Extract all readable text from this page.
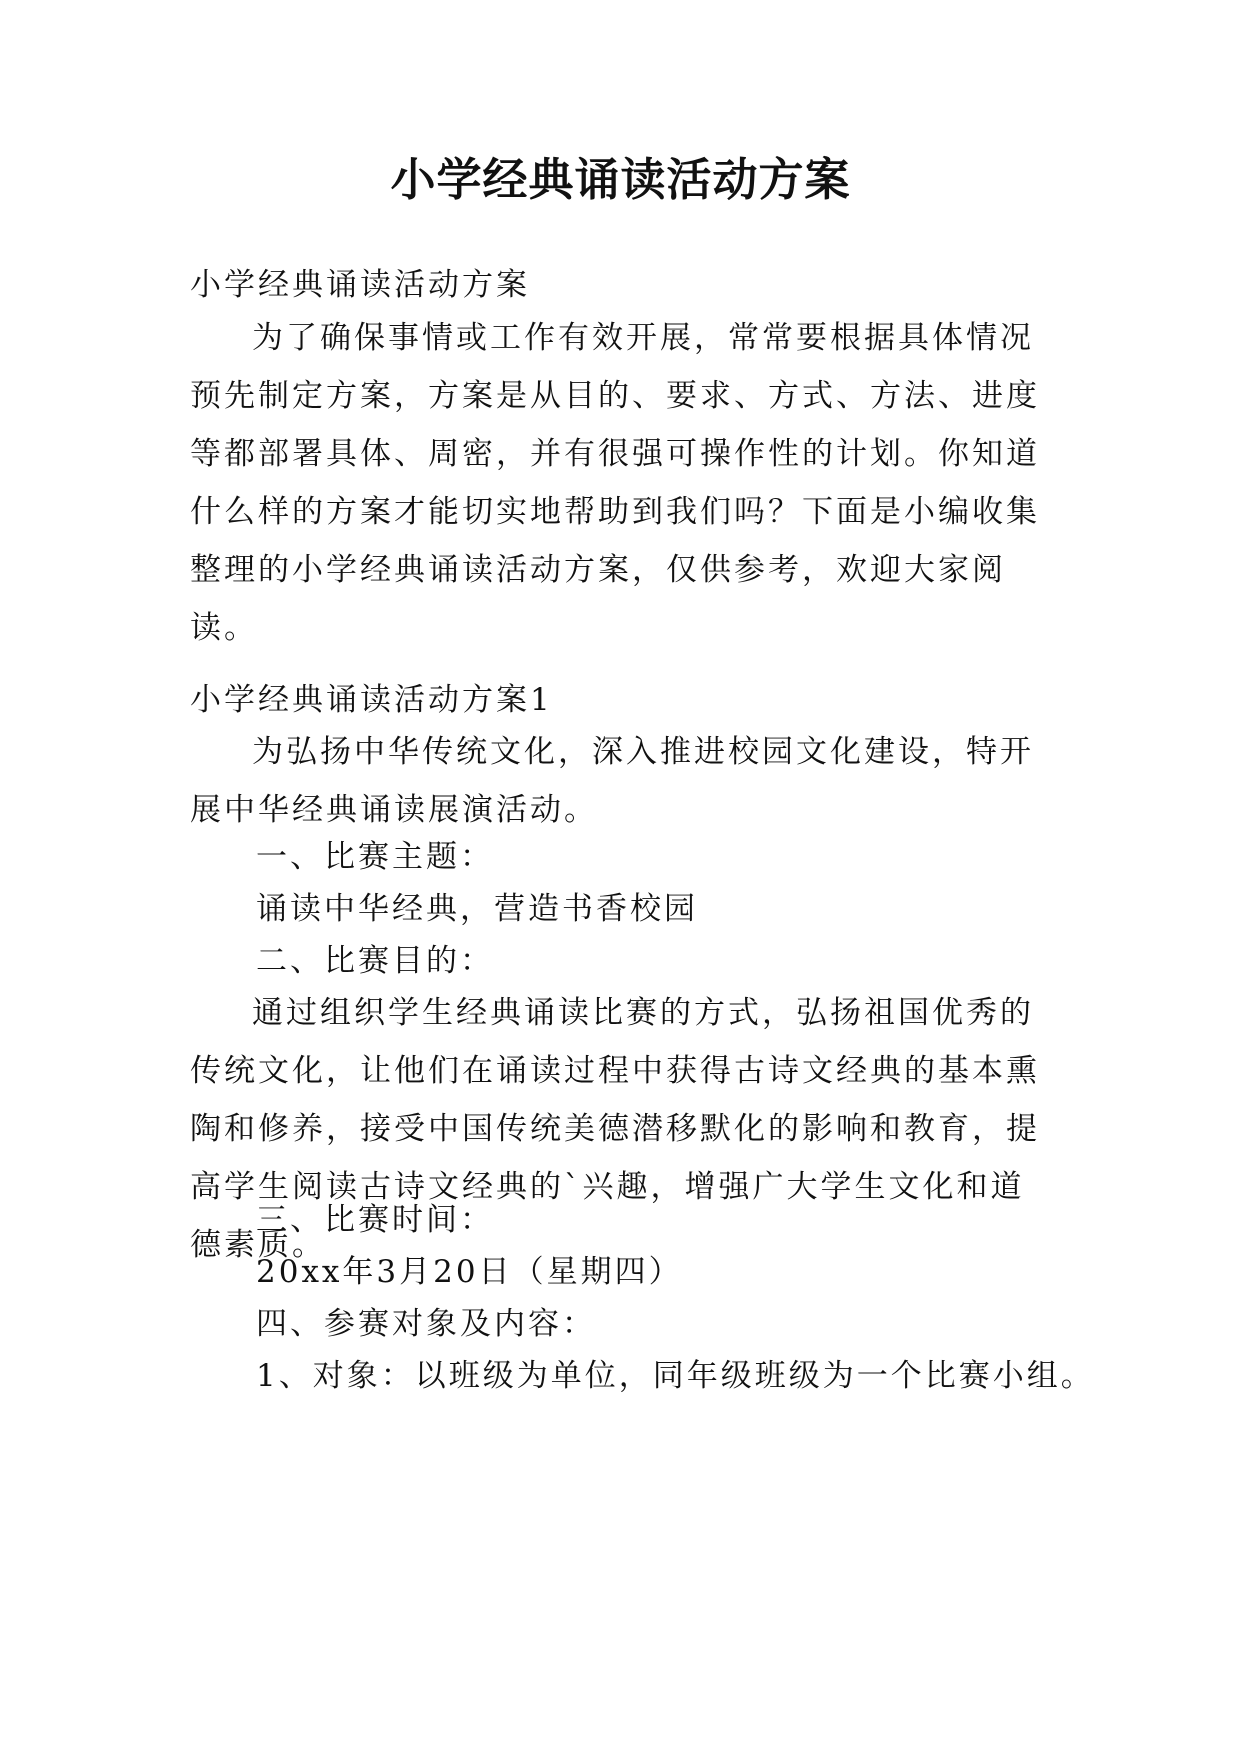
小学经典诵读活动方案

小学经典诵读活动方案

为了确保事情或工作有效开展，常常要根据具体情况预先制定方案，方案是从目的、要求、方式、方法、进度等都部署具体、周密，并有很强可操作性的计划。你知道什么样的方案才能切实地帮助到我们吗？下面是小编收集整理的小学经典诵读活动方案，仅供参考，欢迎大家阅读。

小学经典诵读活动方案1

为弘扬中华传统文化，深入推进校园文化建设，特开展中华经典诵读展演活动。

一、比赛主题：

诵读中华经典，营造书香校园

二、比赛目的：

通过组织学生经典诵读比赛的方式，弘扬祖国优秀的传统文化，让他们在诵读过程中获得古诗文经典的基本熏陶和修养，接受中国传统美德潜移默化的影响和教育，提高学生阅读古诗文经典的`兴趣，增强广大学生文化和道德素质。

三、比赛时间：

20xx年3月20日（星期四）

四、参赛对象及内容：

1、对象：以班级为单位，同年级班级为一个比赛小组。
